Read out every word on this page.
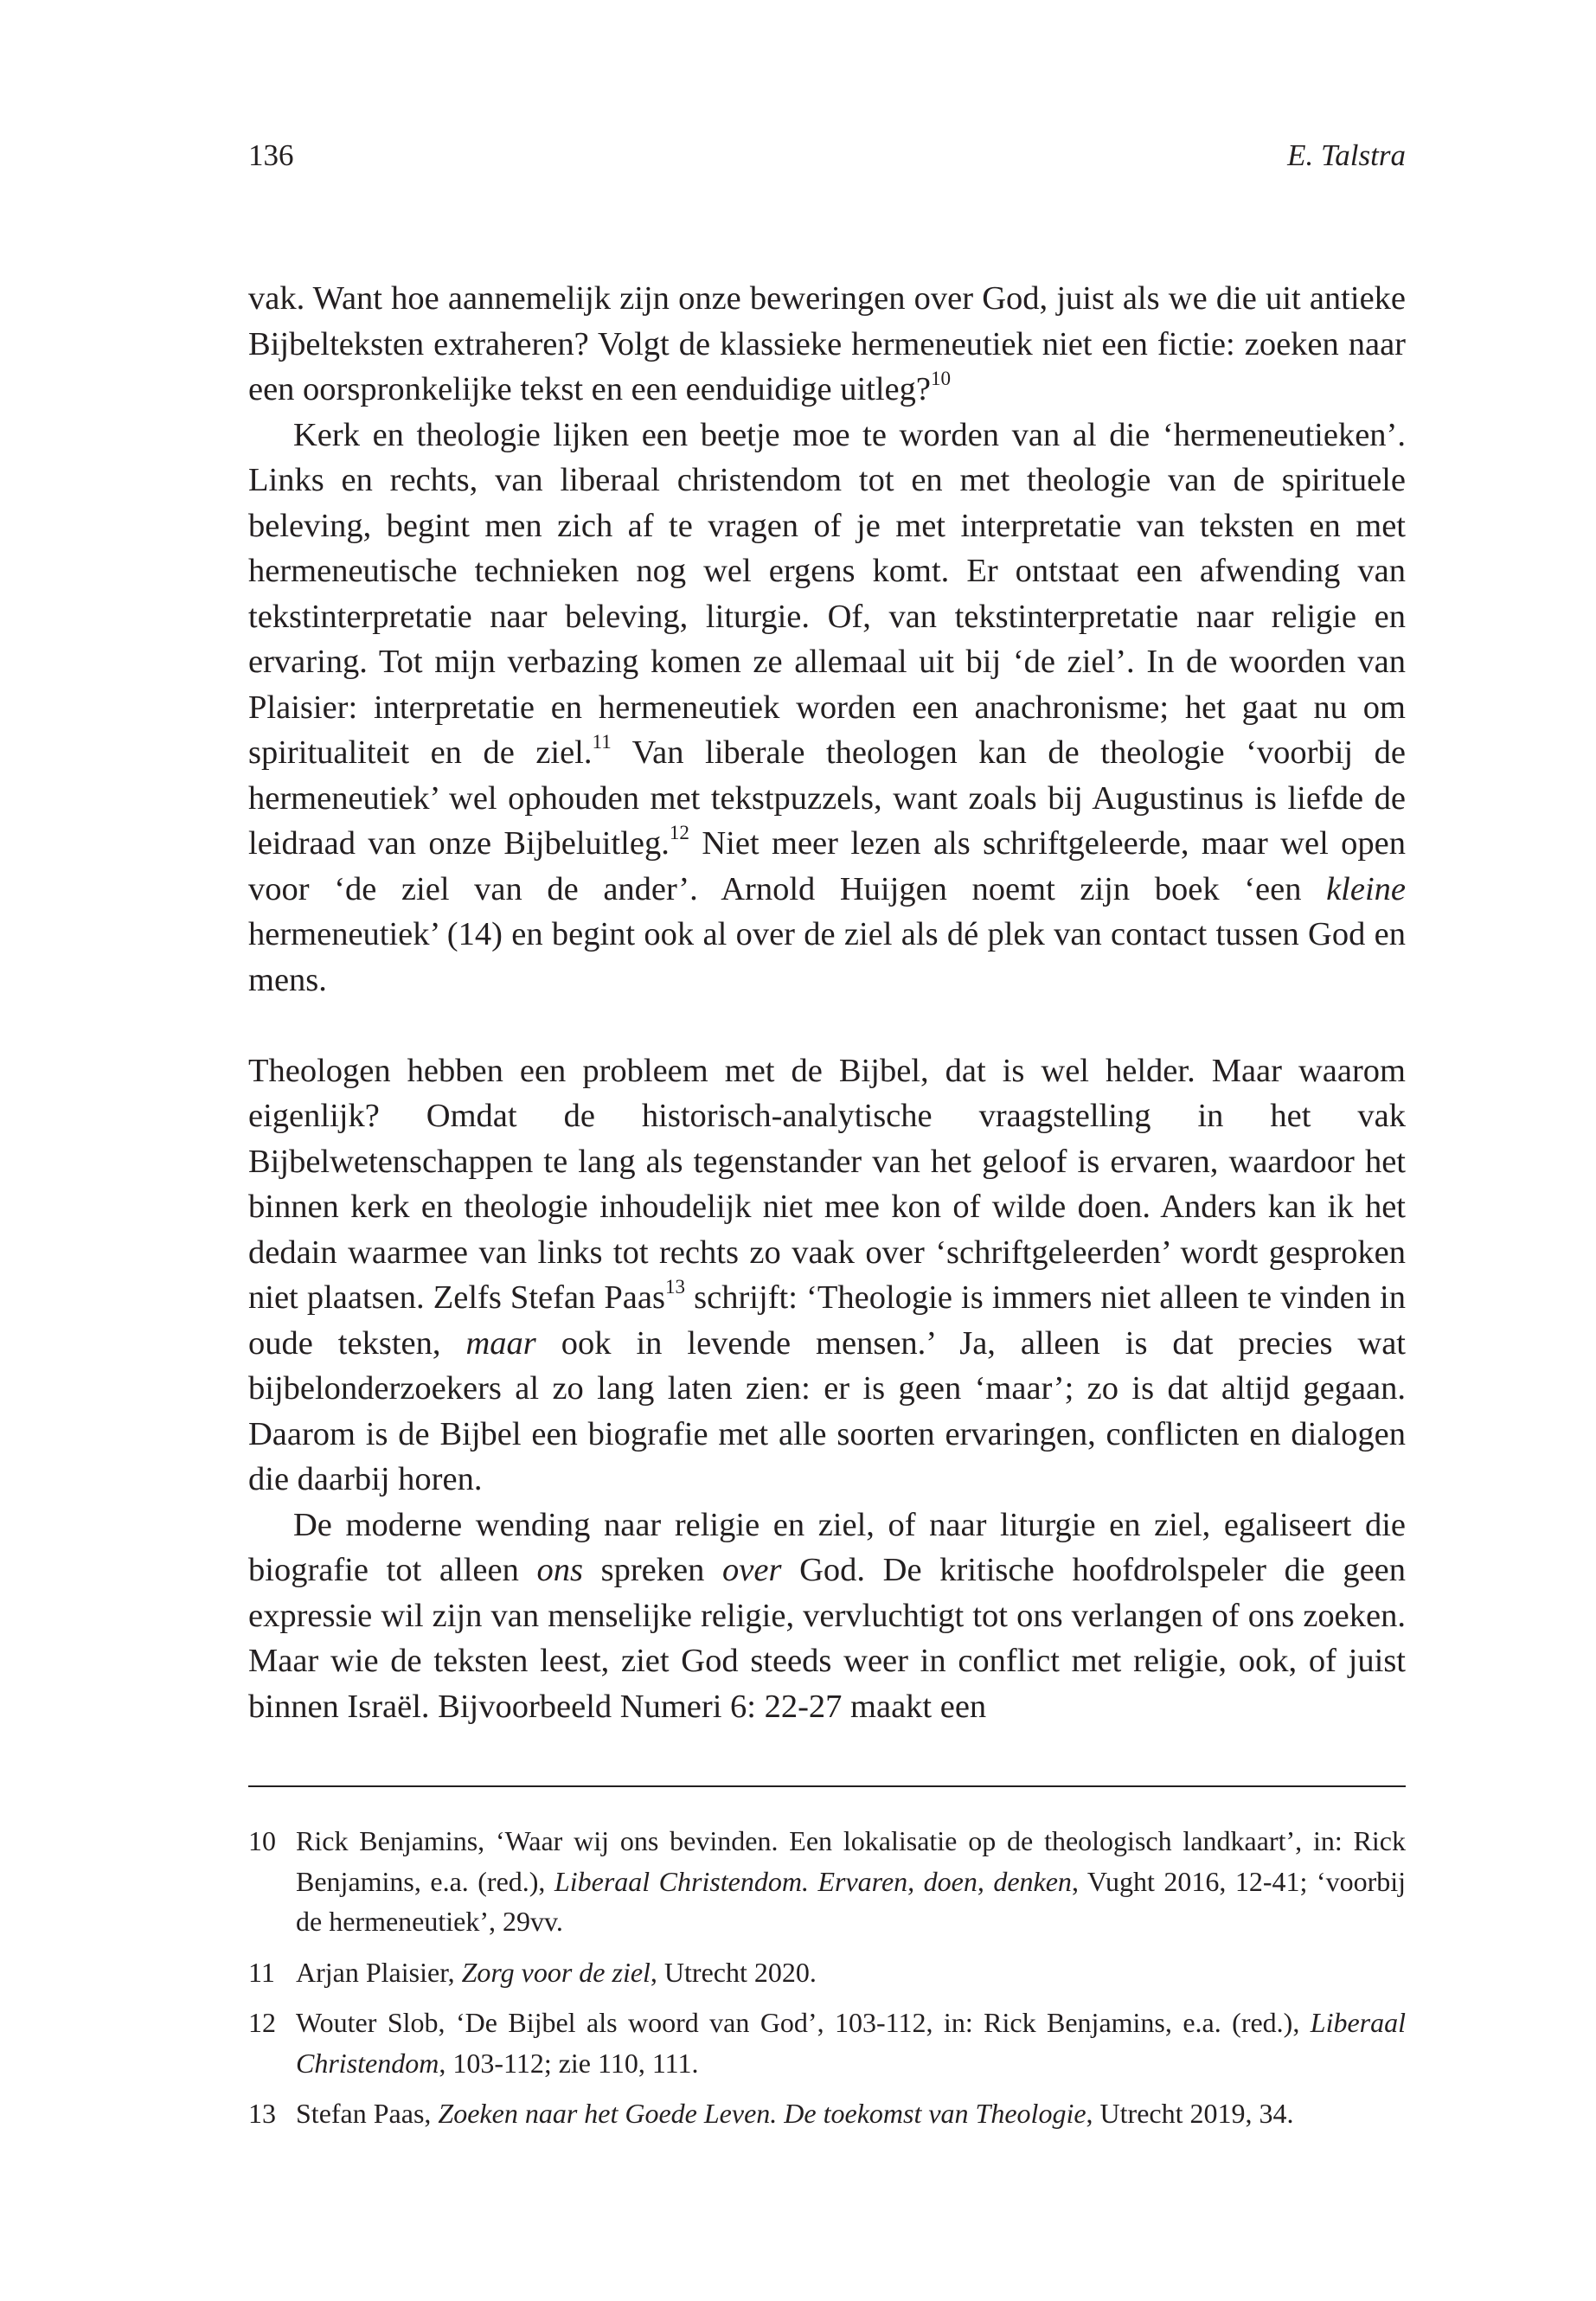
136	E. Talstra

vak. Want hoe aannemelijk zijn onze beweringen over God, juist als we die uit antieke Bijbelteksten extraheren? Volgt de klassieke hermeneutiek niet een fictie: zoeken naar een oorspronkelijke tekst en een eenduidige uitleg?$^{10}$

Kerk en theologie lijken een beetje moe te worden van al die ‘hermeneutieken’. Links en rechts, van liberaal christendom tot en met theologie van de spirituele beleving, begint men zich af te vragen of je met interpretatie van teksten en met hermeneutische technieken nog wel ergens komt. Er ontstaat een afwending van tekstinterpretatie naar beleving, liturgie. Of, van tekstinterpretatie naar religie en ervaring. Tot mijn verbazing komen ze allemaal uit bij ‘de ziel’. In de woorden van Plaisier: interpretatie en hermeneutiek worden een anachronisme; het gaat nu om spiritualiteit en de ziel.$^{11}$ Van liberale theologen kan de theologie ‘voorbij de hermeneutiek’ wel ophouden met tekstpuzzels, want zoals bij Augustinus is liefde de leidraad van onze Bijbeluitleg.$^{12}$ Niet meer lezen als schriftgeleerde, maar wel open voor ‘de ziel van de ander’. Arnold Huijgen noemt zijn boek ‘een kleine hermeneutiek’ (14) en begint ook al over de ziel als dé plek van contact tussen God en mens.

Theologen hebben een probleem met de Bijbel, dat is wel helder. Maar waarom eigenlijk? Omdat de historisch-analytische vraagstelling in het vak Bijbelwetenschappen te lang als tegenstander van het geloof is ervaren, waardoor het binnen kerk en theologie inhoudelijk niet mee kon of wilde doen. Anders kan ik het dedain waarmee van links tot rechts zo vaak over ‘schriftgeleerden’ wordt gesproken niet plaatsen. Zelfs Stefan Paas$^{13}$ schrijft: ‘Theologie is immers niet alleen te vinden in oude teksten, maar ook in levende mensen.’ Ja, alleen is dat precies wat bijbelonderzoekers al zo lang laten zien: er is geen ‘maar’; zo is dat altijd gegaan. Daarom is de Bijbel een biografie met alle soorten ervaringen, conflicten en dialogen die daarbij horen.

De moderne wending naar religie en ziel, of naar liturgie en ziel, egaliseert die biografie tot alleen ons spreken over God. De kritische hoofdrolspeler die geen expressie wil zijn van menselijke religie, vervluchtigt tot ons verlangen of ons zoeken. Maar wie de teksten leest, ziet God steeds weer in conflict met religie, ook, of juist binnen Israël. Bijvoorbeeld Numeri 6: 22-27 maakt een

10 Rick Benjamins, ‘Waar wij ons bevinden. Een lokalisatie op de theologisch landkaart’, in: Rick Benjamins, e.a. (red.), Liberaal Christendom. Ervaren, doen, denken, Vught 2016, 12-41; ‘voorbij de hermeneutiek’, 29vv.
11 Arjan Plaisier, Zorg voor de ziel, Utrecht 2020.
12 Wouter Slob, ‘De Bijbel als woord van God’, 103-112, in: Rick Benjamins, e.a. (red.), Liberaal Christendom, 103-112; zie 110, 111.
13 Stefan Paas, Zoeken naar het Goede Leven. De toekomst van Theologie, Utrecht 2019, 34.
